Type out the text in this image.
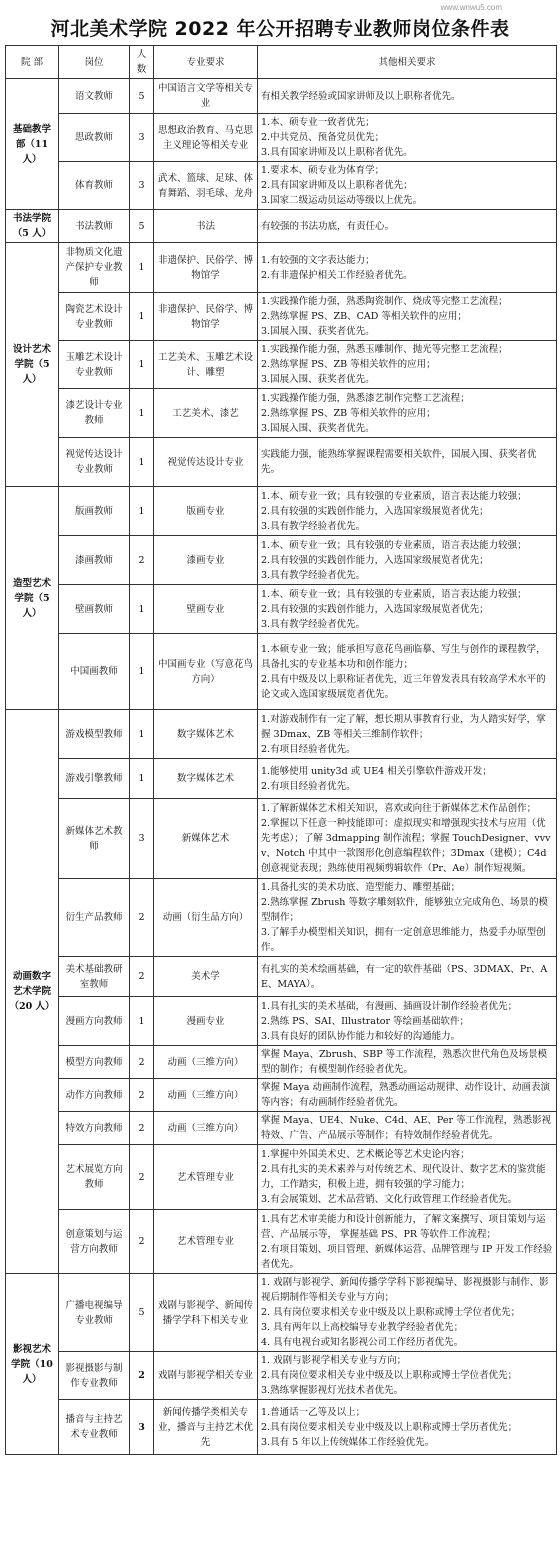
www.wnwu5.com
河北美术学院 2022 年公开招聘专业教师岗位条件表
院 部	岗位	人数	专业要求	其他相关要求
基础教学部（11 人）	语文教师	5	中国语言文学等相关专业	有相关教学经验或国家讲师及以上职称者优先。

	思政教师	3	思想政治教育、马克思主义理论等相关专业	1.本、硕专业一致者优先；
2.中共党员、预备党员优先；
3.具有国家讲师及以上职称者优先。

	体育教师	3	武术、篮球、足球、体育舞蹈、羽毛球、龙舟	1.要求本、硕专业为体育学；
2.具有国家讲师及以上职称者优先；
3.国家二级运动员运动等级以上优先。

书法学院（5 人）	书法教师	5	书法	有较强的书法功底，有责任心。

设计艺术学院（5 人）	非物质文化遗产保护专业教师	1	非遗保护、民俗学、博物馆学	1.有较强的文字表达能力；
2.有非遗保护相关工作经验者优先。

	陶瓷艺术设计专业教师	1	非遗保护、民俗学、博物馆学	1.实践操作能力强，熟悉陶瓷制作、烧成等完整工艺流程；
2.熟练掌握 PS、ZB、CAD 等相关软件的应用；
3.国展入围、获奖者优先。

	玉雕艺术设计专业教师	1	工艺美术、玉雕艺术设计、雕塑	1.实践操作能力强，熟悉玉雕制作、抛光等完整工艺流程；
2.熟练掌握 PS、ZB 等相关软件的应用；
3.国展入围、获奖者优先。

	漆艺设计专业教师	1	工艺美术、漆艺	1.实践操作能力强，熟悉漆艺制作完整工艺流程；
2.熟练掌握 PS、ZB 等相关软件的应用；
3.国展入围、获奖者优先。

	视觉传达设计专业教师	1	视觉传达设计专业	实践能力强，能熟练掌握课程需要相关软件，国展入围、获奖者优先。

造型艺术学院（5 人）	版画教师	1	版画专业	1.本、硕专业一致；具有较强的专业素质，语言表达能力较强；
2.具有较强的实践创作能力，入选国家级展览者优先；
3.具有教学经验者优先。

	漆画教师	2	漆画专业	1.本、硕专业一致；具有较强的专业素质，语言表达能力较强；
2.具有较强的实践创作能力，入选国家级展览者优先；
3.具有教学经验者优先。

	壁画教师	1	壁画专业	1.本、硕专业一致；具有较强的专业素质，语言表达能力较强；
2.具有较强的实践创作能力，入选国家级展览者优先；
3.具有教学经验者优先。

	中国画教师	1	中国画专业（写意花鸟方向）	1.本硕专业一致；能承担写意花鸟画临摹、写生与创作的课程教学，具备扎实的专业基本功和创作能力；
2.具有中级及以上职称证者优先，近三年曾发表具有较高学术水平的论文或入选国家级展览者优先。

动画数字艺术学院（20 人）	游戏模型教师	1	数字媒体艺术	1.对游戏制作有一定了解，想长期从事教育行业，为人踏实好学，掌握 3Dmax、ZB 等相关三维制作软件；
2.有项目经验者优先。

	游戏引擎教师	1	数字媒体艺术	1.能够使用 unity3d 或 UE4 相关引擎软件游戏开发；
2.有项目经验者优先。

	新媒体艺术教师	3	新媒体艺术	1.了解新媒体艺术相关知识，喜欢或向往于新媒体艺术作品创作；
2.掌握以下任意一种技能即可：虚拟现实和增强现实技术与应用（优先考虑）；了解 3dmapping 制作流程；掌握 TouchDesigner、vvvv、Notch 中其中一款图形化创意编程软件；3Dmax（建模）；C4d 创意视觉表现；熟练使用视频剪辑软件（Pr、Ae）制作短视频。

	衍生产品教师	2	动画（衍生品方向）	1.具备扎实的美术功底、造型能力、雕塑基础；
2.熟练掌握 Zbrush 等数字雕刻软件，能够独立完成角色、场景的模型制作；
3.了解手办模型相关知识，拥有一定创意思维能力，热爱手办原型创作。

	美术基础教研室教师	2	美术学	有扎实的美术绘画基础，有一定的软件基础（PS、3DMAX、Pr、AE、MAYA）。

	漫画方向教师	1	漫画专业	1.具有扎实的美术基础，有漫画、插画设计制作经验者优先；
2.熟练 PS、SAI、Illustrator 等绘画基础软件；
3.具有良好的团队协作能力和较好的沟通能力。

	模型方向教师	2	动画（三维方向）	掌握 Maya、Zbrush、SBP 等工作流程，熟悉次世代角色及场景模型的制作；有模型制作经验者优先。

	动作方向教师	2	动画（三维方向）	掌握 Maya 动画制作流程，熟悉动画运动规律、动作设计、动画表演等内容；有动画制作经验者优先。

	特效方向教师	2	动画（三维方向）	掌握 Maya、UE4、Nuke、C4d、AE、Per 等工作流程，熟悉影视特效、广告、产品展示等制作；有特效制作经验者优先。

	艺术展览方向教师	2	艺术管理专业	1.掌握中外国美术史、艺术概论等艺术史论内容；
2.具有扎实的美术素养与对传统艺术、现代设计、数字艺术的鉴赏能力，工作踏实，积极上进，拥有较强的学习能力；
3.有会展策划、艺术品营销、文化行政管理工作经验者优先。

	创意策划与运营方向教师	2	艺术管理专业	1.具有艺术审美能力和设计创新能力，了解文案撰写、项目策划与运营、产品展示等， 掌握基础 PS、PR 等软件工作流程；
2.有项目策划、项目管理、新媒体运营、品牌管理与 IP 开发工作经验者优先。

影视艺术学院（10 人）	广播电视编导专业教师	5	戏剧与影视学、新闻传播学学科下相关专业	1. 戏剧与影视学、新闻传播学学科下影视编导、影视摄影与制作、影视后期制作等相关专业与方向；
2. 具有岗位要求相关专业中级及以上职称或博士学位者优先；
3. 具有两年以上高校编导专业教学经验者优先；
4. 具有电视台或知名影视公司工作经历者优先。

	影视摄影与制作专业教师	2	戏剧与影视学相关专业	1. 戏剧与影视学相关专业与方向；
2.具有岗位要求相关专业中级及以上职称或博士学位者优先；
3.熟练掌握影视灯光技术者优先。

	播音与主持艺术专业教师	3	新闻传播学类相关专业，播音与主持艺术优先	1.普通话一乙等及以上；
2.具有岗位要求相关专业中级及以上职称或博士学历者优先；
3.具有 5 年以上传统媒体工作经验优先。
